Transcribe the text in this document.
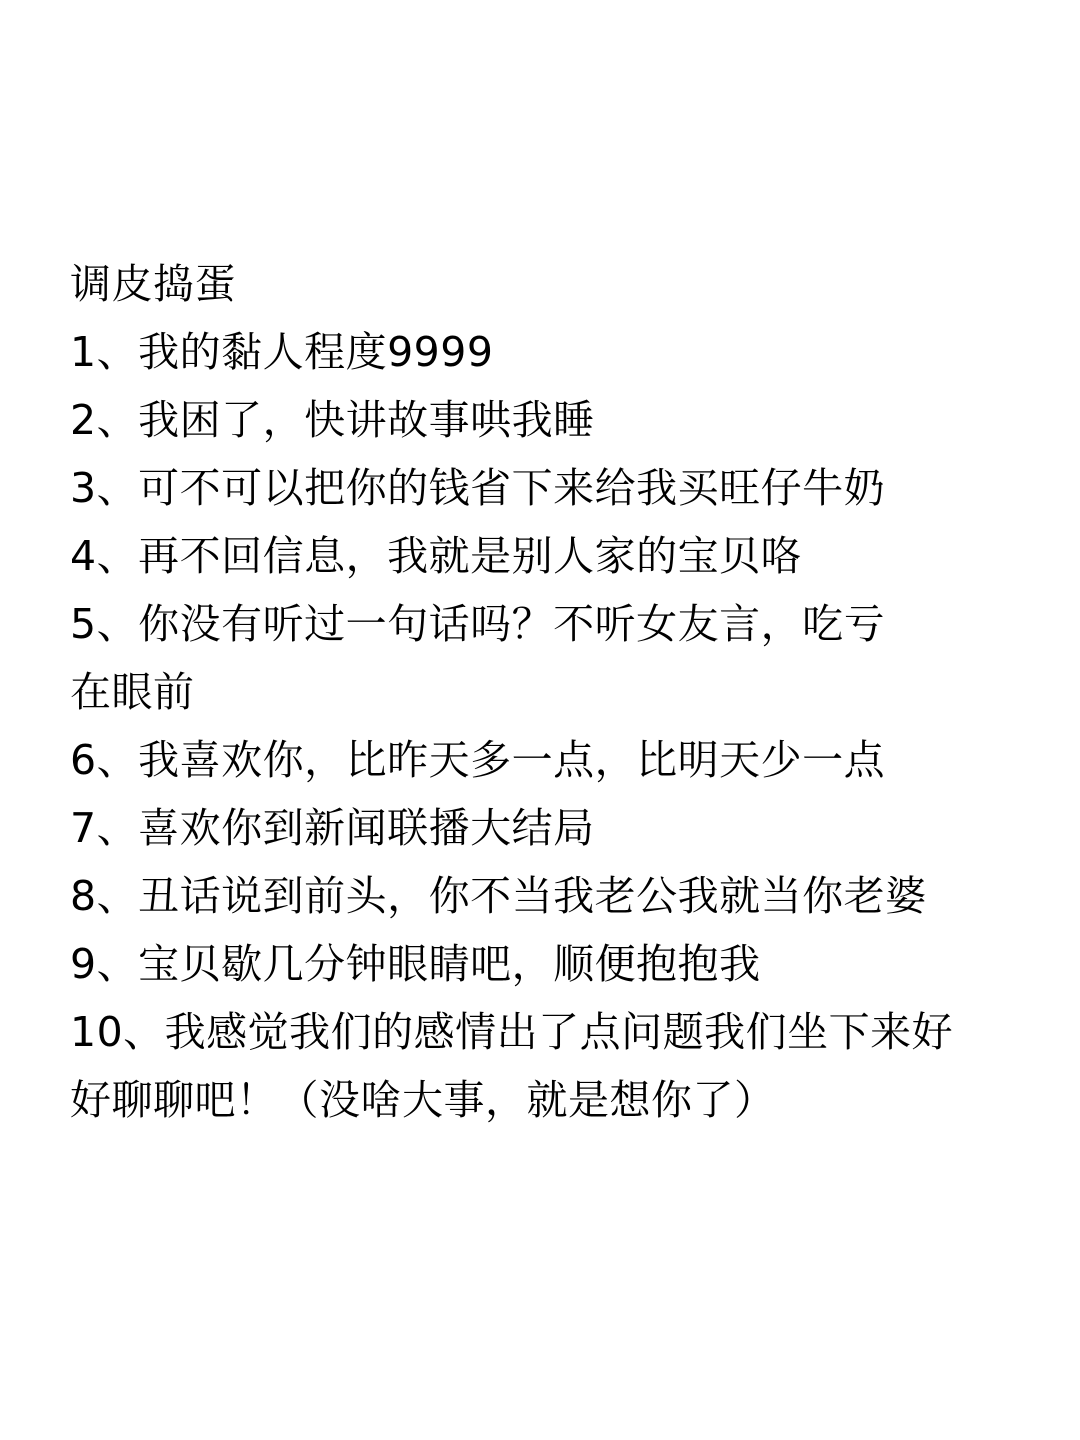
调皮捣蛋
1、我的黏人程度9999
2、我困了，快讲故事哄我睡
3、可不可以把你的钱省下来给我买旺仔牛奶
4、再不回信息，我就是别人家的宝贝咯
5、你没有听过一句话吗？不听女友言，吃亏
在眼前
6、我喜欢你，比昨天多一点，比明天少一点
7、喜欢你到新闻联播大结局
8、丑话说到前头，你不当我老公我就当你老婆
9、宝贝歇几分钟眼睛吧，顺便抱抱我
10、我感觉我们的感情出了点问题我们坐下来好
好聊聊吧！（没啥大事，就是想你了）
